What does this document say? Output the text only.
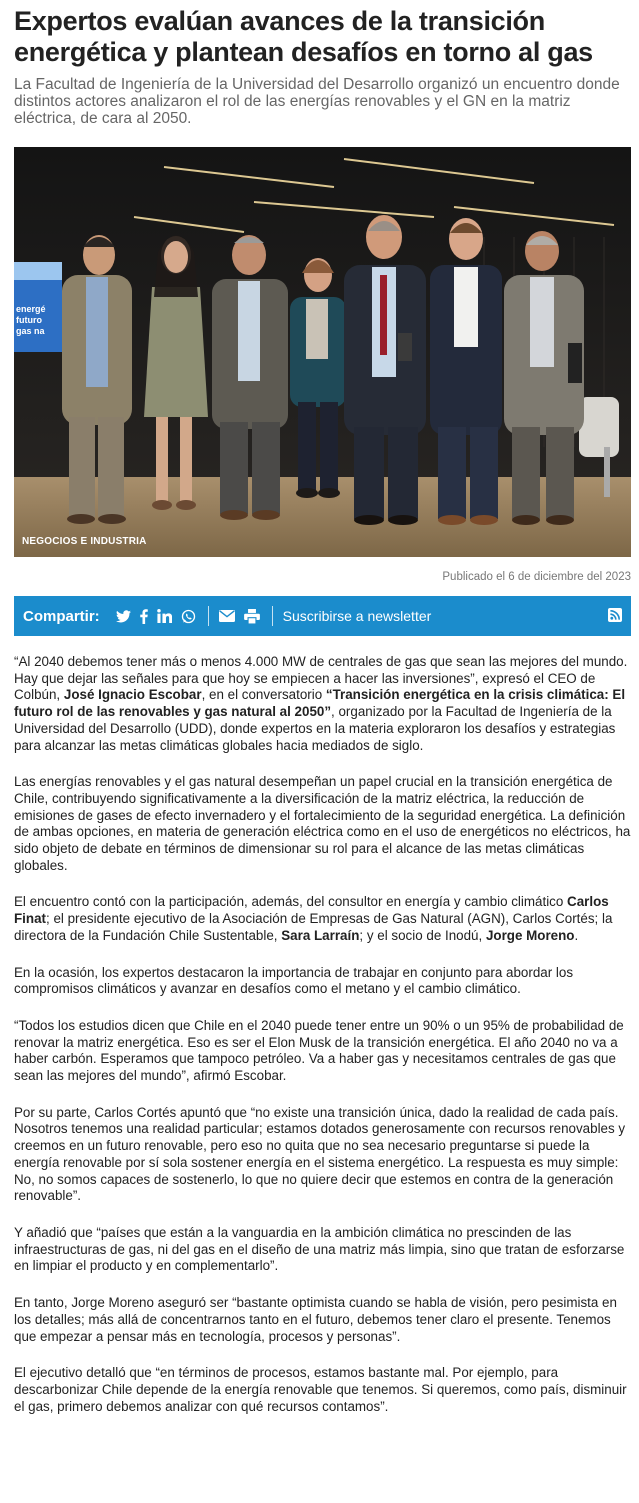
Expertos evalúan avances de la transición energética y plantean desafíos en torno al gas
La Facultad de Ingeniería de la Universidad del Desarrollo organizó un encuentro donde distintos actores analizaron el rol de las energías renovables y el GN en la matriz eléctrica, de cara al 2050.
energé
futuro
gas na
NEGOCIOS E INDUSTRIA
Publicado el 6 de diciembre del 2023
Compartir:	Suscribirse a newsletter

“Al 2040 debemos tener más o menos 4.000 MW de centrales de gas que sean las mejores del mundo. Hay que dejar las señales para que hoy se empiecen a hacer las inversiones”, expresó el CEO de Colbún, José Ignacio Escobar, en el conversatorio “Transición energética en la crisis climática: El futuro rol de las renovables y gas natural al 2050”, organizado por la Facultad de Ingeniería de la Universidad del Desarrollo (UDD), donde expertos en la materia exploraron los desafíos y estrategias para alcanzar las metas climáticas globales hacia mediados de siglo.

Las energías renovables y el gas natural desempeñan un papel crucial en la transición energética de Chile, contribuyendo significativamente a la diversificación de la matriz eléctrica, la reducción de emisiones de gases de efecto invernadero y el fortalecimiento de la seguridad energética. La definición de ambas opciones, en materia de generación eléctrica como en el uso de energéticos no eléctricos, ha sido objeto de debate en términos de dimensionar su rol para el alcance de las metas climáticas globales.

El encuentro contó con la participación, además, del consultor en energía y cambio climático Carlos Finat; el presidente ejecutivo de la Asociación de Empresas de Gas Natural (AGN), Carlos Cortés; la directora de la Fundación Chile Sustentable, Sara Larraín; y el socio de Inodú, Jorge Moreno.

En la ocasión, los expertos destacaron la importancia de trabajar en conjunto para abordar los compromisos climáticos y avanzar en desafíos como el metano y el cambio climático.

“Todos los estudios dicen que Chile en el 2040 puede tener entre un 90% o un 95% de probabilidad de renovar la matriz energética. Eso es ser el Elon Musk de la transición energética. El año 2040 no va a haber carbón. Esperamos que tampoco petróleo. Va a haber gas y necesitamos centrales de gas que sean las mejores del mundo”, afirmó Escobar.

Por su parte, Carlos Cortés apuntó que “no existe una transición única, dado la realidad de cada país. Nosotros tenemos una realidad particular; estamos dotados generosamente con recursos renovables y creemos en un futuro renovable, pero eso no quita que no sea necesario preguntarse si puede la energía renovable por sí sola sostener energía en el sistema energético. La respuesta es muy simple: No, no somos capaces de sostenerlo, lo que no quiere decir que estemos en contra de la generación renovable”.

Y añadió que “países que están a la vanguardia en la ambición climática no prescinden de las infraestructuras de gas, ni del gas en el diseño de una matriz más limpia, sino que tratan de esforzarse en limpiar el producto y en complementarlo”.

En tanto, Jorge Moreno aseguró ser “bastante optimista cuando se habla de visión, pero pesimista en los detalles; más allá de concentrarnos tanto en el futuro, debemos tener claro el presente. Tenemos que empezar a pensar más en tecnología, procesos y personas”.

El ejecutivo detalló que “en términos de procesos, estamos bastante mal. Por ejemplo, para descarbonizar Chile depende de la energía renovable que tenemos. Si queremos, como país, disminuir el gas, primero debemos analizar con qué recursos contamos”.
